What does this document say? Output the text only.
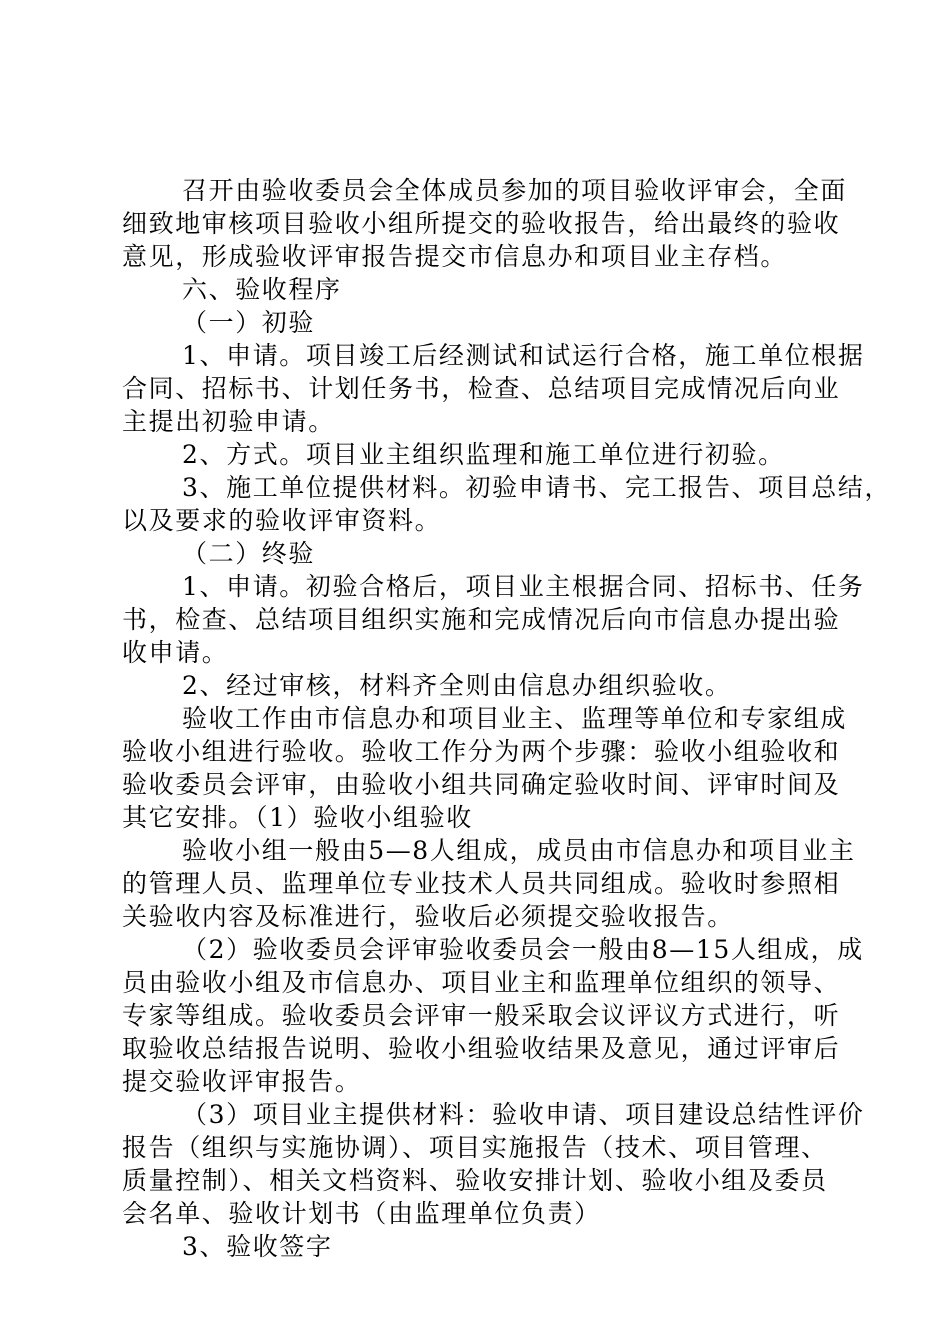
召开由验收委员会全体成员参加的项目验收评审会，全面
细致地审核项目验收小组所提交的验收报告，给出最终的验收
意见，形成验收评审报告提交市信息办和项目业主存档。
六、验收程序
（一）初验
1、申请。项目竣工后经测试和试运行合格，施工单位根据
合同、招标书、计划任务书，检查、总结项目完成情况后向业
主提出初验申请。
2、方式。项目业主组织监理和施工单位进行初验。
3、施工单位提供材料。初验申请书、完工报告、项目总结，
以及要求的验收评审资料。
（二）终验
1、申请。初验合格后，项目业主根据合同、招标书、任务
书，检查、总结项目组织实施和完成情况后向市信息办提出验
收申请。
2、经过审核，材料齐全则由信息办组织验收。
验收工作由市信息办和项目业主、监理等单位和专家组成
验收小组进行验收。验收工作分为两个步骤：验收小组验收和
验收委员会评审，由验收小组共同确定验收时间、评审时间及
其它安排。（1）验收小组验收
验收小组一般由5—8人组成，成员由市信息办和项目业主
的管理人员、监理单位专业技术人员共同组成。验收时参照相
关验收内容及标准进行，验收后必须提交验收报告。
（2）验收委员会评审验收委员会一般由8—15人组成，成
员由验收小组及市信息办、项目业主和监理单位组织的领导、
专家等组成。验收委员会评审一般采取会议评议方式进行，听
取验收总结报告说明、验收小组验收结果及意见，通过评审后
提交验收评审报告。
（3）项目业主提供材料：验收申请、项目建设总结性评价
报告（组织与实施协调）、项目实施报告（技术、项目管理、
质量控制）、相关文档资料、验收安排计划、验收小组及委员
会名单、验收计划书（由监理单位负责）
3、验收签字
